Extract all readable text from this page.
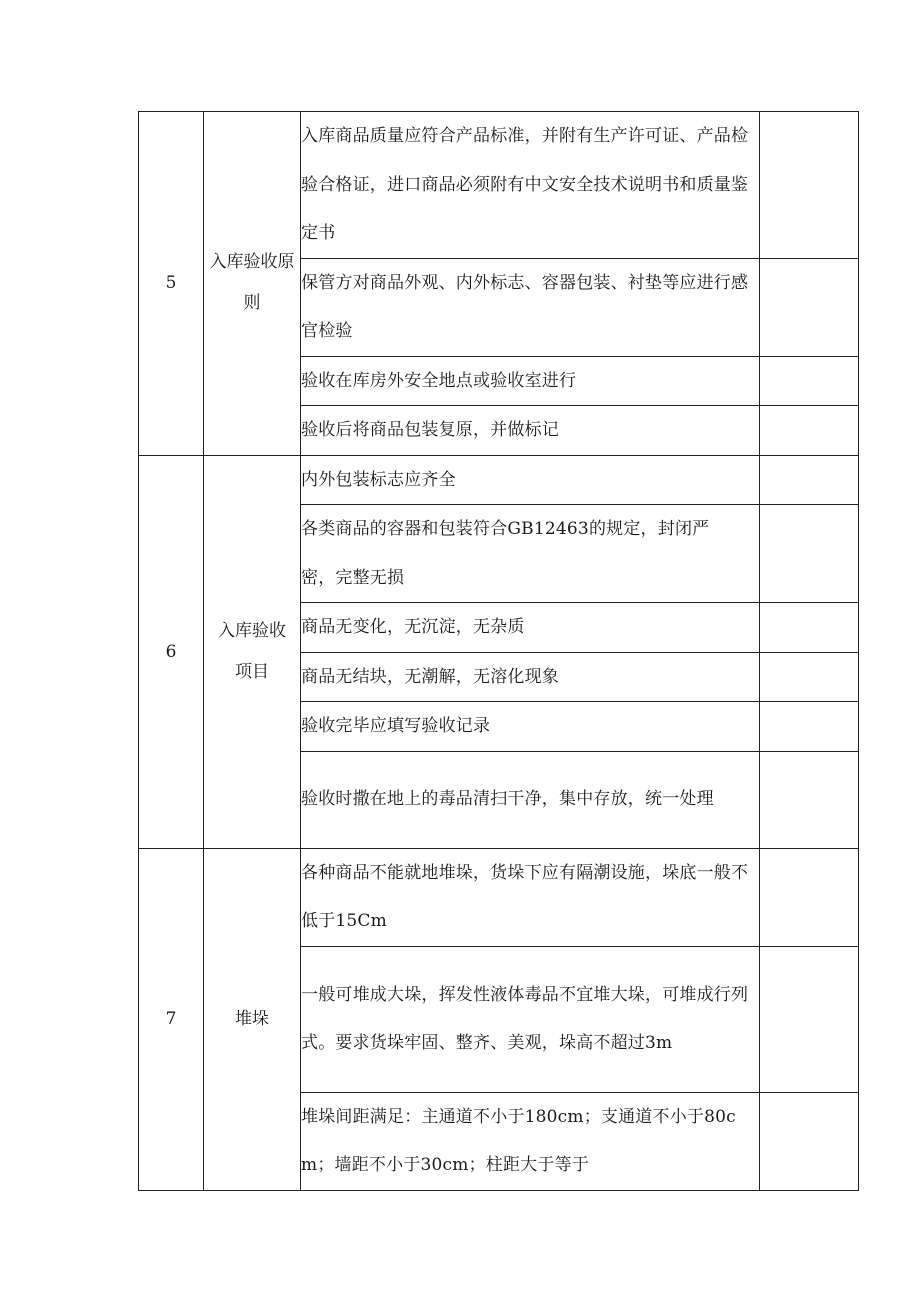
5	入库验收原则	入库商品质量应符合产品标准，并附有生产许可证、产品检验合格证，进口商品必须附有中文安全技术说明书和质量鉴定书	
		保管方对商品外观、内外标志、容器包装、衬垫等应进行感官检验	
		验收在库房外安全地点或验收室进行	
		验收后将商品包装复原，并做标记	
6	入库验收项目	内外包装标志应齐全	
		各类商品的容器和包装符合GB12463的规定，封闭严密，完整无损	
		商品无变化，无沉淀，无杂质	
		商品无结块，无潮解，无溶化现象	
		验收完毕应填写验收记录	
		验收时撒在地上的毒品清扫干净，集中存放，统一处理	
7	堆垛	各种商品不能就地堆垛，货垛下应有隔潮设施，垛底一般不低于15Cm	
		一般可堆成大垛，挥发性液体毒品不宜堆大垛，可堆成行列式。要求货垛牢固、整齐、美观，垛高不超过3m	
		堆垛间距满足：主通道不小于180cm；支通道不小于80cm；墙距不小于30cm；柱距大于等于	
